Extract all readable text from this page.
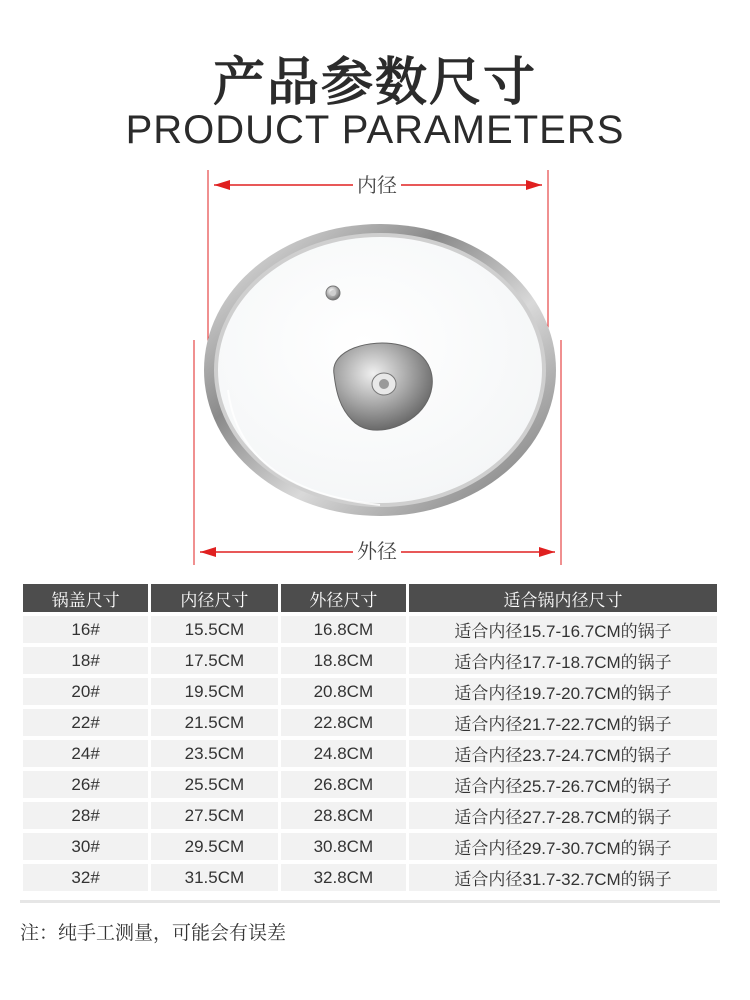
产品参数尺寸
PRODUCT PARAMETERS
内径
外径
锅盖尺寸	内径尺寸	外径尺寸	适合锅内径尺寸
16#	15.5CM	16.8CM	适合内径15.7-16.7CM的锅子
18#	17.5CM	18.8CM	适合内径17.7-18.7CM的锅子
20#	19.5CM	20.8CM	适合内径19.7-20.7CM的锅子
22#	21.5CM	22.8CM	适合内径21.7-22.7CM的锅子
24#	23.5CM	24.8CM	适合内径23.7-24.7CM的锅子
26#	25.5CM	26.8CM	适合内径25.7-26.7CM的锅子
28#	27.5CM	28.8CM	适合内径27.7-28.7CM的锅子
30#	29.5CM	30.8CM	适合内径29.7-30.7CM的锅子
32#	31.5CM	32.8CM	适合内径31.7-32.7CM的锅子
注：纯手工测量，可能会有误差
